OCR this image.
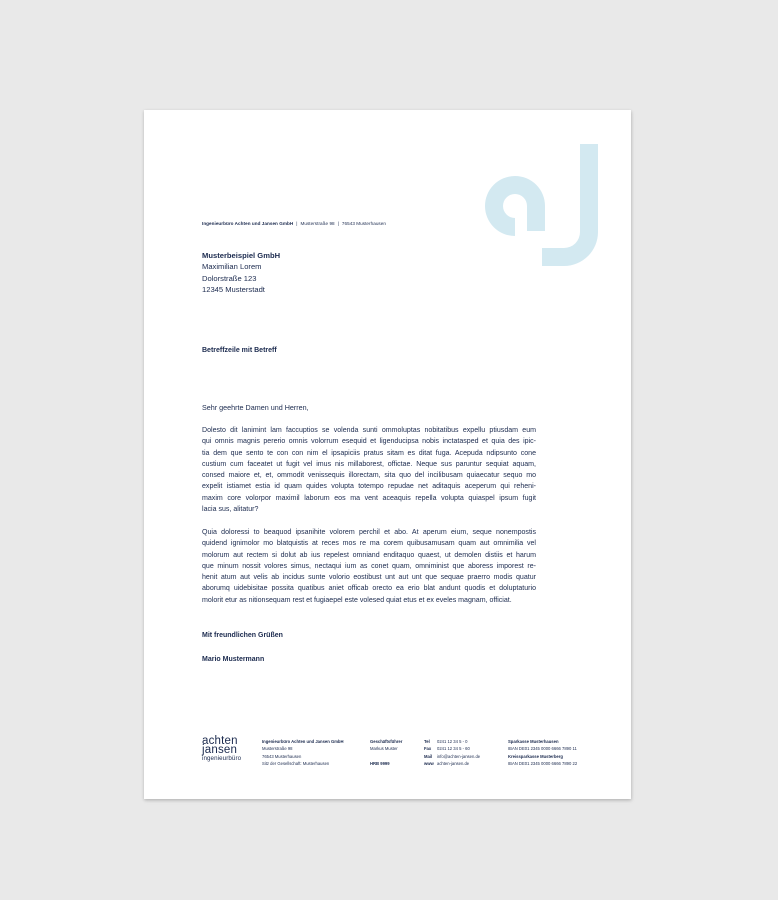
Ingenieurbüro Achten und Jansen GmbH | Musterstraße 98 | 76543 Musterhausen
Musterbeispiel GmbH
Maximilian Lorem
Dolorstraße 123
12345 Musterstadt
Betreffzeile mit Betreff
Sehr geehrte Damen und Herren,

Dolesto dit lanimint lam faccuptios se volenda sunti ommoluptas nobitatibus expellu ptiusdam eum
qui omnis magnis pererio omnis volorrum esequid et ligenducipsa nobis inctatasped et quia des ipic-
tia dem que sento te con con nim el ipsapiciis pratus sitam es ditat fuga. Acepuda ndipsunto cone
custium cum faceatet ut fugit vel imus nis millaborest, offictae. Neque sus paruntur sequiat aquam,
consed maiore et, et, ommodit venissequis illorectam, sita quo del incilibusam quiaecatur sequo mo
expelit istiamet estia id quam quides volupta totempo repudae net aditaquis aceperum qui reheni-
maxim core volorpor maximil laborum eos ma vent aceaquis repella volupta quiaspel ipsum fugit
lacia sus, alitatur?

Quia doloressi to beaquod ipsanihite volorem perchil et abo. At aperum eium, seque nonempostis
quidend ignimolor mo blatquistis at reces mos re ma corem quibusamusam quam aut omnimilia vel
molorum aut rectem si dolut ab ius repelest omniand enditaquo quaest, ut demolen distiis et harum
que minum nossit volores simus, nectaqui ium as conet quam, omniminist que aboress imporest re-
henit atum aut velis ab incidus sunte volorio eostibust unt aut unt que sequae praerro modis quatur
aborumq uidebisitae possita quatibus aniet officab orecto ea erio blat andunt quodis et doluptaturio
molorit etur as nitionsequam rest et fugiaepel este volesed quiat etus et ex eveles magnam, officiat.

Mit freundlichen Grüßen
Mario Mustermann
achten
jansen
ingenieurbüro
Ingenieurbüro Achten und Jansen GmbH
Musterstraße 98
76543 Musterhausen
Sitz der Gesellschaft: Musterhausen
Geschäftsführer
Markus Muster

HRB 9999
Tel 0241 12 34 5 - 0
Fax 0241 12 34 5 - 60
Mail info@achten-jansen.de
www achten-jansen.de
Sparkasse Musterhausen
IBAN DE01 2345 0000 6666 7890 11
Kreissparkasse Musterberg
IBAN DE01 2345 0000 6666 7890 22
